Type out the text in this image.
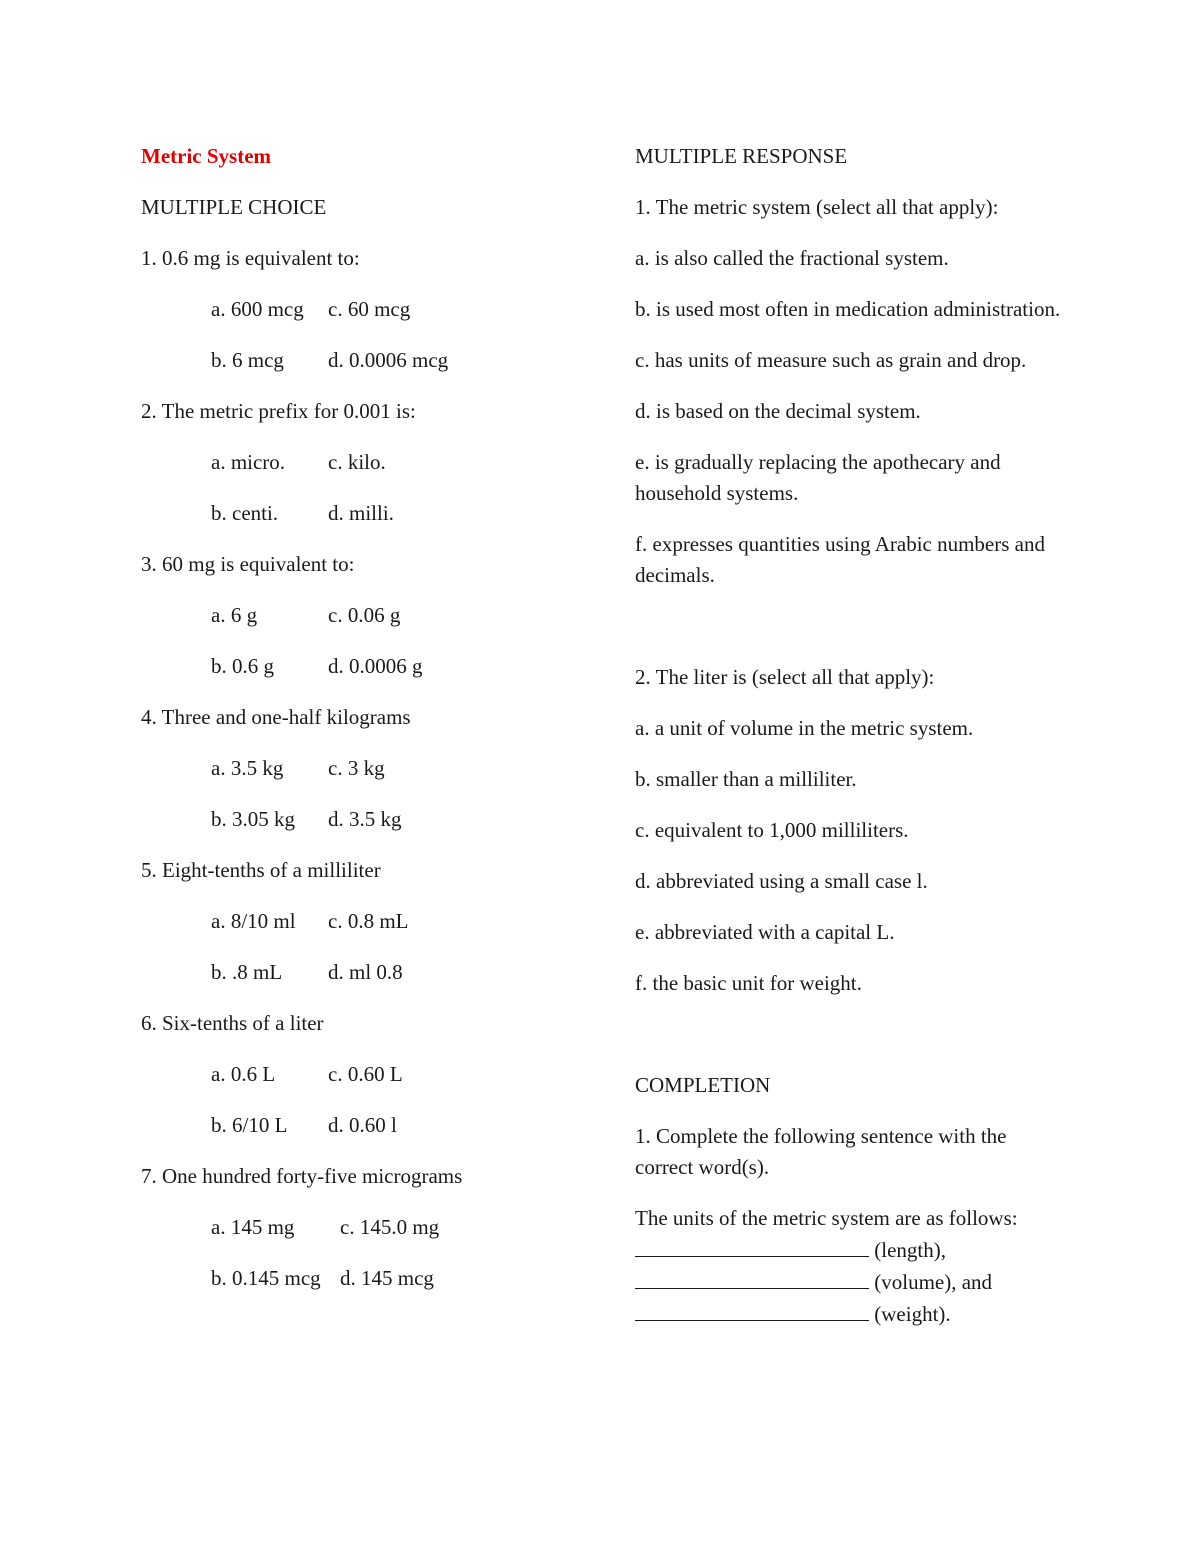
Metric System
MULTIPLE CHOICE
1. 0.6 mg is equivalent to:
a. 600 mcg c. 60 mcg
b. 6 mcg d. 0.0006 mcg
2. The metric prefix for 0.001 is:
a. micro. c. kilo.
b. centi. d. milli.
3. 60 mg is equivalent to:
a. 6 g	c. 0.06 g
b. 0.6 g	d. 0.0006 g
4. Three and one-half kilograms
a. 3.5 kg c. 3 kg
b. 3.05 kg d. 3.5 kg
5. Eight-tenths of a milliliter
a. 8/10 ml c. 0.8 mL
b. .8 mL d. ml 0.8
6. Six-tenths of a liter
a. 0.6 L	c. 0.60 L
b. 6/10 L d. 0.60 l
7. One hundred forty-five micrograms
a. 145 mg c. 145.0 mg
b. 0.145 mcg d. 145 mcg
MULTIPLE RESPONSE
1. The metric system (select all that apply):
a. is also called the fractional system.
b. is used most often in medication administration.
c. has units of measure such as grain and drop.
d. is based on the decimal system.
e. is gradually replacing the apothecary and household systems.
f. expresses quantities using Arabic numbers and decimals.
2. The liter is (select all that apply):
a. a unit of volume in the metric system.
b. smaller than a milliliter.
c. equivalent to 1,000 milliliters.
d. abbreviated using a small case l.
e. abbreviated with a capital L.
f. the basic unit for weight.
COMPLETION
1. Complete the following sentence with the correct word(s).

The units of the metric system are as follows:  (length),
(volume), and
(weight).
